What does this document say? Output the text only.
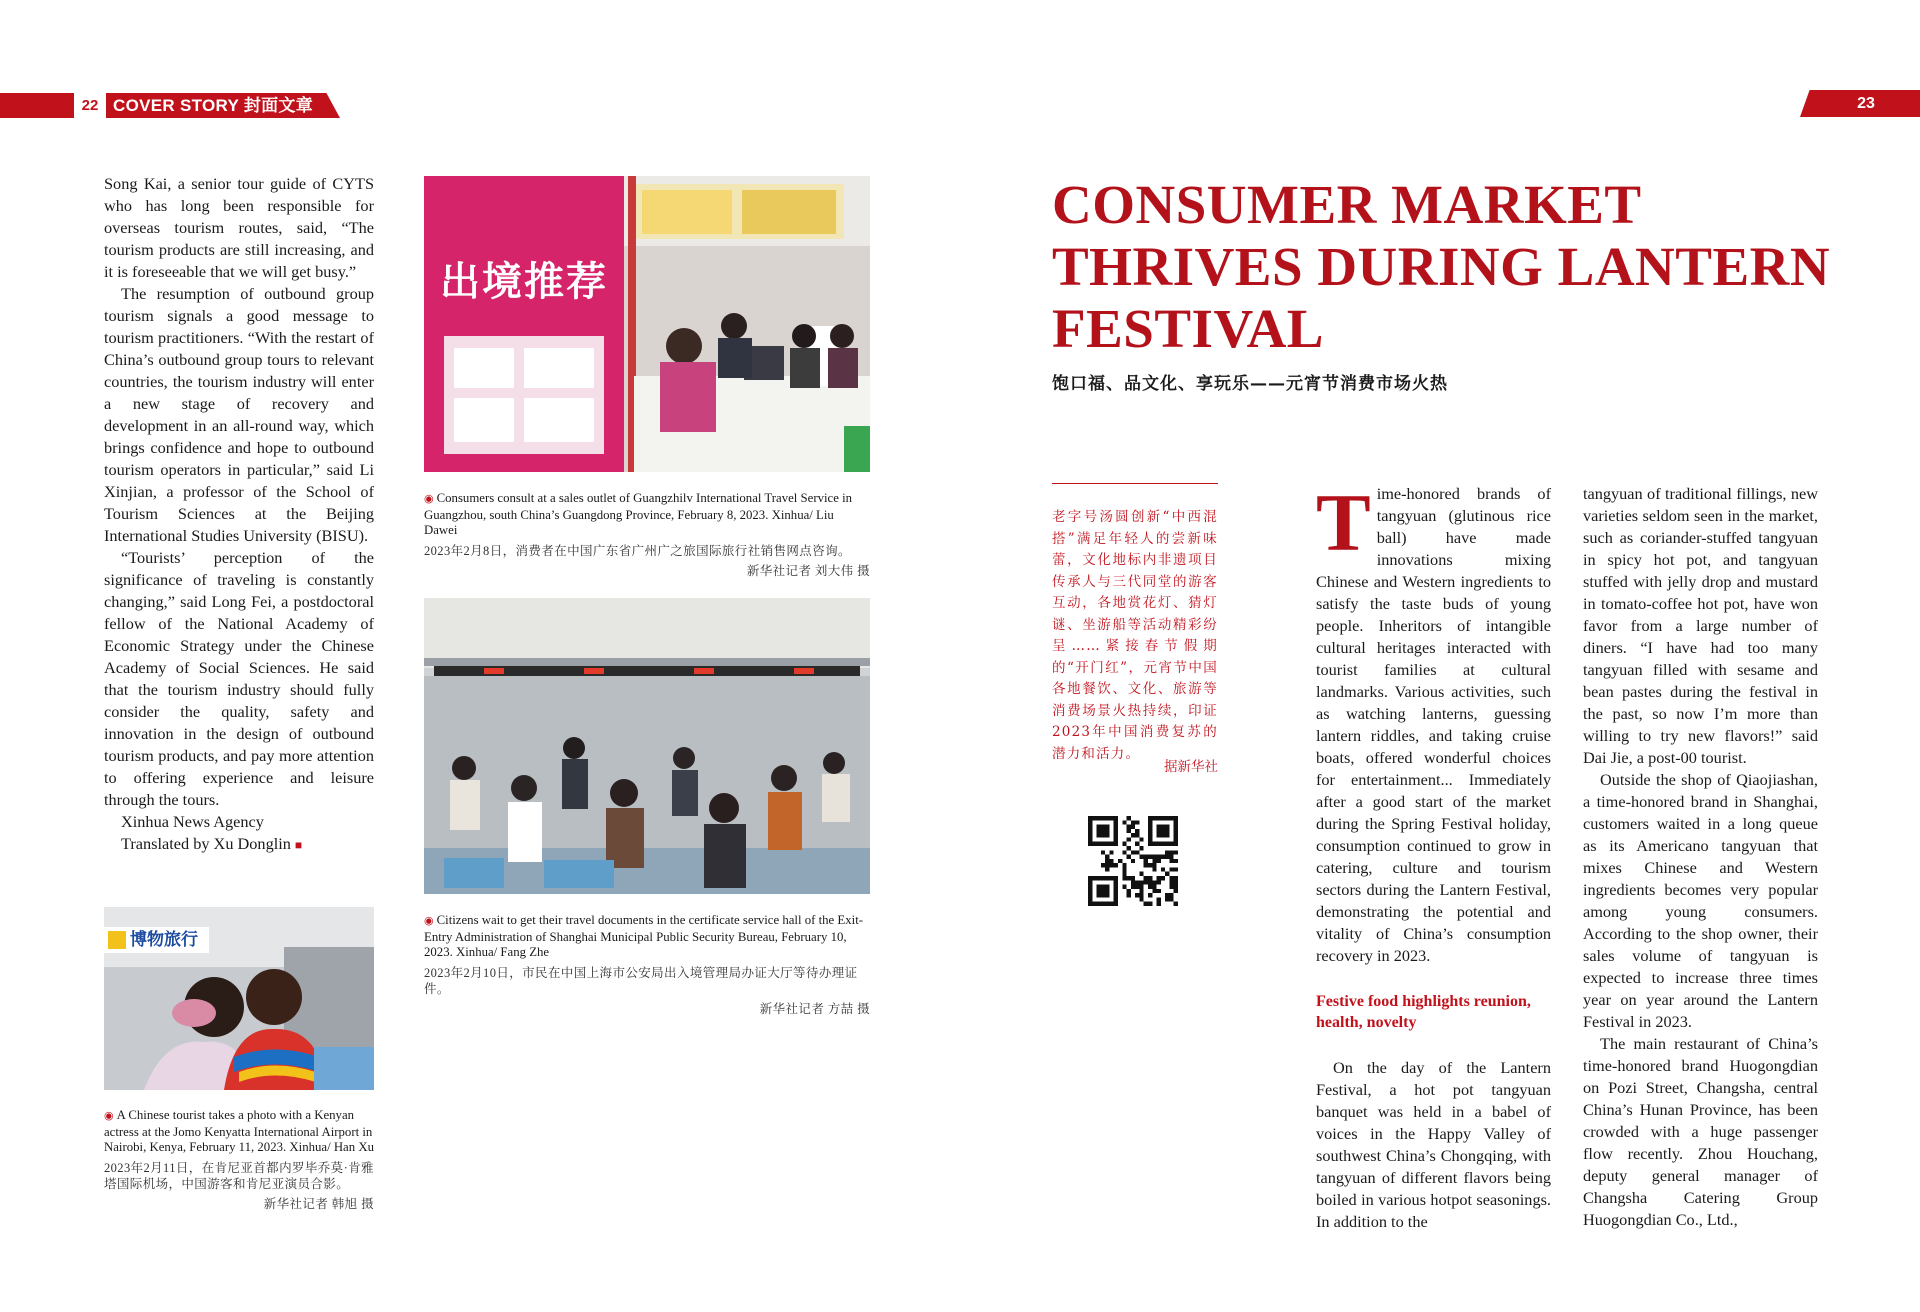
22 COVER STORY 封面文章	23

Song Kai, a senior tour guide of CYTS who has long been responsible for overseas tourism routes, said, “The tourism products are still increasing, and it is foreseeable that we will get busy.”

The resumption of outbound group tourism signals a good message to tourism practitioners. “With the restart of China’s outbound group tours to relevant countries, the tourism industry will enter a new stage of recovery and development in an all-round way, which brings confidence and hope to outbound tourism operators in particular,” said Li Xinjian, a professor of the School of Tourism Sciences at the Beijing International Studies University (BISU).

“Tourists’ perception of the significance of traveling is constantly changing,” said Long Fei, a postdoctoral fellow of the National Academy of Economic Strategy under the Chinese Academy of Social Sciences. He said that the tourism industry should fully consider the quality, safety and innovation in the design of outbound tourism products, and pay more attention to offering experience and leisure through the tours.

Xinhua News Agency

Translated by Xu Donglin ■

出境推荐
◉ Consumers consult at a sales outlet of Guangzhilv International Travel Service in Guangzhou, south China’s Guangdong Province, February 8, 2023. Xinhua/ Liu Dawei
2023年2月8日，消费者在中国广东省广州广之旅国际旅行社销售网点咨询。
新华社记者 刘大伟 摄
◉ Citizens wait to get their travel documents in the certificate service hall of the Exit-Entry Administration of Shanghai Municipal Public Security Bureau, February 10, 2023. Xinhua/ Fang Zhe
2023年2月10日，市民在中国上海市公安局出入境管理局办证大厅等待办理证件。
新华社记者 方喆 摄
博物旅行
◉ A Chinese tourist takes a photo with a Kenyan actress at the Jomo Kenyatta International Airport in Nairobi, Kenya, February 11, 2023. Xinhua/ Han Xu
2023年2月11日，在肯尼亚首都内罗毕乔莫·肯雅塔国际机场，中国游客和肯尼亚演员合影。
新华社记者 韩旭 摄
CONSUMER MARKET THRIVES DURING LANTERN FESTIVAL
饱口福、品文化、享玩乐——元宵节消费市场火热
老字号汤圆创新“中西混搭”满足年轻人的尝新味蕾，文化地标内非遗项目传承人与三代同堂的游客互动，各地赏花灯、猜灯谜、坐游船等活动精彩纷呈……紧接春节假期的“开门红”，元宵节中国各地餐饮、文化、旅游等消费场景火热持续，印证2023年中国消费复苏的潜力和活力。
据新华社

Time-honored brands of tangyuan (glutinous rice ball) have made innovations mixing Chinese and Western ingredients to satisfy the taste buds of young people. Inheritors of intangible cultural heritages interacted with tourist families at cultural landmarks. Various activities, such as watching lanterns, guessing lantern riddles, and taking cruise boats, offered wonderful choices for entertainment... Immediately after a good start of the market during the Spring Festival holiday, consumption continued to grow in catering, culture and tourism sectors during the Lantern Festival, demonstrating the potential and vitality of China’s consumption recovery in 2023.

Festive food highlights reunion, health, novelty

On the day of the Lantern Festival, a hot pot tangyuan banquet was held in a babel of voices in the Happy Valley of southwest China’s Chongqing, with tangyuan of different flavors being boiled in various hotpot seasonings. In addition to the

tangyuan of traditional fillings, new varieties seldom seen in the market, such as coriander-stuffed tangyuan in spicy hot pot, and tangyuan stuffed with jelly drop and mustard in tomato-coffee hot pot, have won favor from a large number of diners. “I have had too many tangyuan filled with sesame and bean pastes during the festival in the past, so now I’m more than willing to try new flavors!” said Dai Jie, a post-00 tourist.

Outside the shop of Qiaojiashan, a time-honored brand in Shanghai, customers waited in a long queue as its Americano tangyuan that mixes Chinese and Western ingredients becomes very popular among young consumers. According to the shop owner, their sales volume of tangyuan is expected to increase three times year on year around the Lantern Festival in 2023.

The main restaurant of China’s time-honored brand Huogongdian on Pozi Street, Changsha, central China’s Hunan Province, has been crowded with a huge passenger flow recently. Zhou Houchang, deputy general manager of Changsha Catering Group Huogongdian Co., Ltd.,
